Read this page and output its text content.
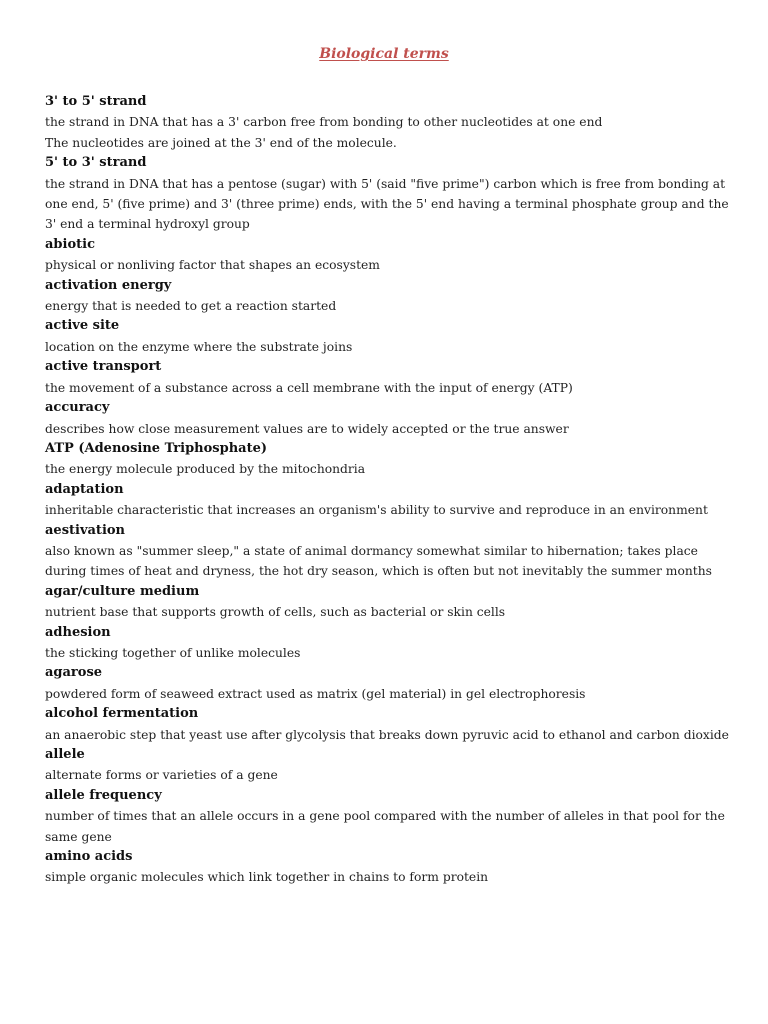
Biological terms
3' to 5' strand
the strand in DNA that has a 3' carbon free from bonding to other nucleotides at one end
The nucleotides are joined at the 3' end of the molecule.
5' to 3' strand
the strand in DNA that has a pentose (sugar) with 5' (said "five prime") carbon which is free from bonding at one end, 5' (five prime) and 3' (three prime) ends, with the 5' end having a terminal phosphate group and the 3' end a terminal hydroxyl group
abiotic
physical or nonliving factor that shapes an ecosystem
activation energy
energy that is needed to get a reaction started
active site
location on the enzyme where the substrate joins
active transport
the movement of a substance across a cell membrane with the input of energy (ATP)
accuracy
describes how close measurement values are to widely accepted or the true answer
ATP (Adenosine Triphosphate)
the energy molecule produced by the mitochondria
adaptation
inheritable characteristic that increases an organism's ability to survive and reproduce in an environment
aestivation
also known as "summer sleep," a state of animal dormancy somewhat similar to hibernation; takes place during times of heat and dryness, the hot dry season, which is often but not inevitably the summer months
agar/culture medium
nutrient base that supports growth of cells, such as bacterial or skin cells
adhesion
the sticking together of unlike molecules
agarose
powdered form of seaweed extract used as matrix (gel material) in gel electrophoresis
alcohol fermentation
an anaerobic step that yeast use after glycolysis that breaks down pyruvic acid to ethanol and carbon dioxide
allele
alternate forms or varieties of a gene
allele frequency
number of times that an allele occurs in a gene pool compared with the number of alleles in that pool for the same gene
amino acids
simple organic molecules which link together in chains to form protein
